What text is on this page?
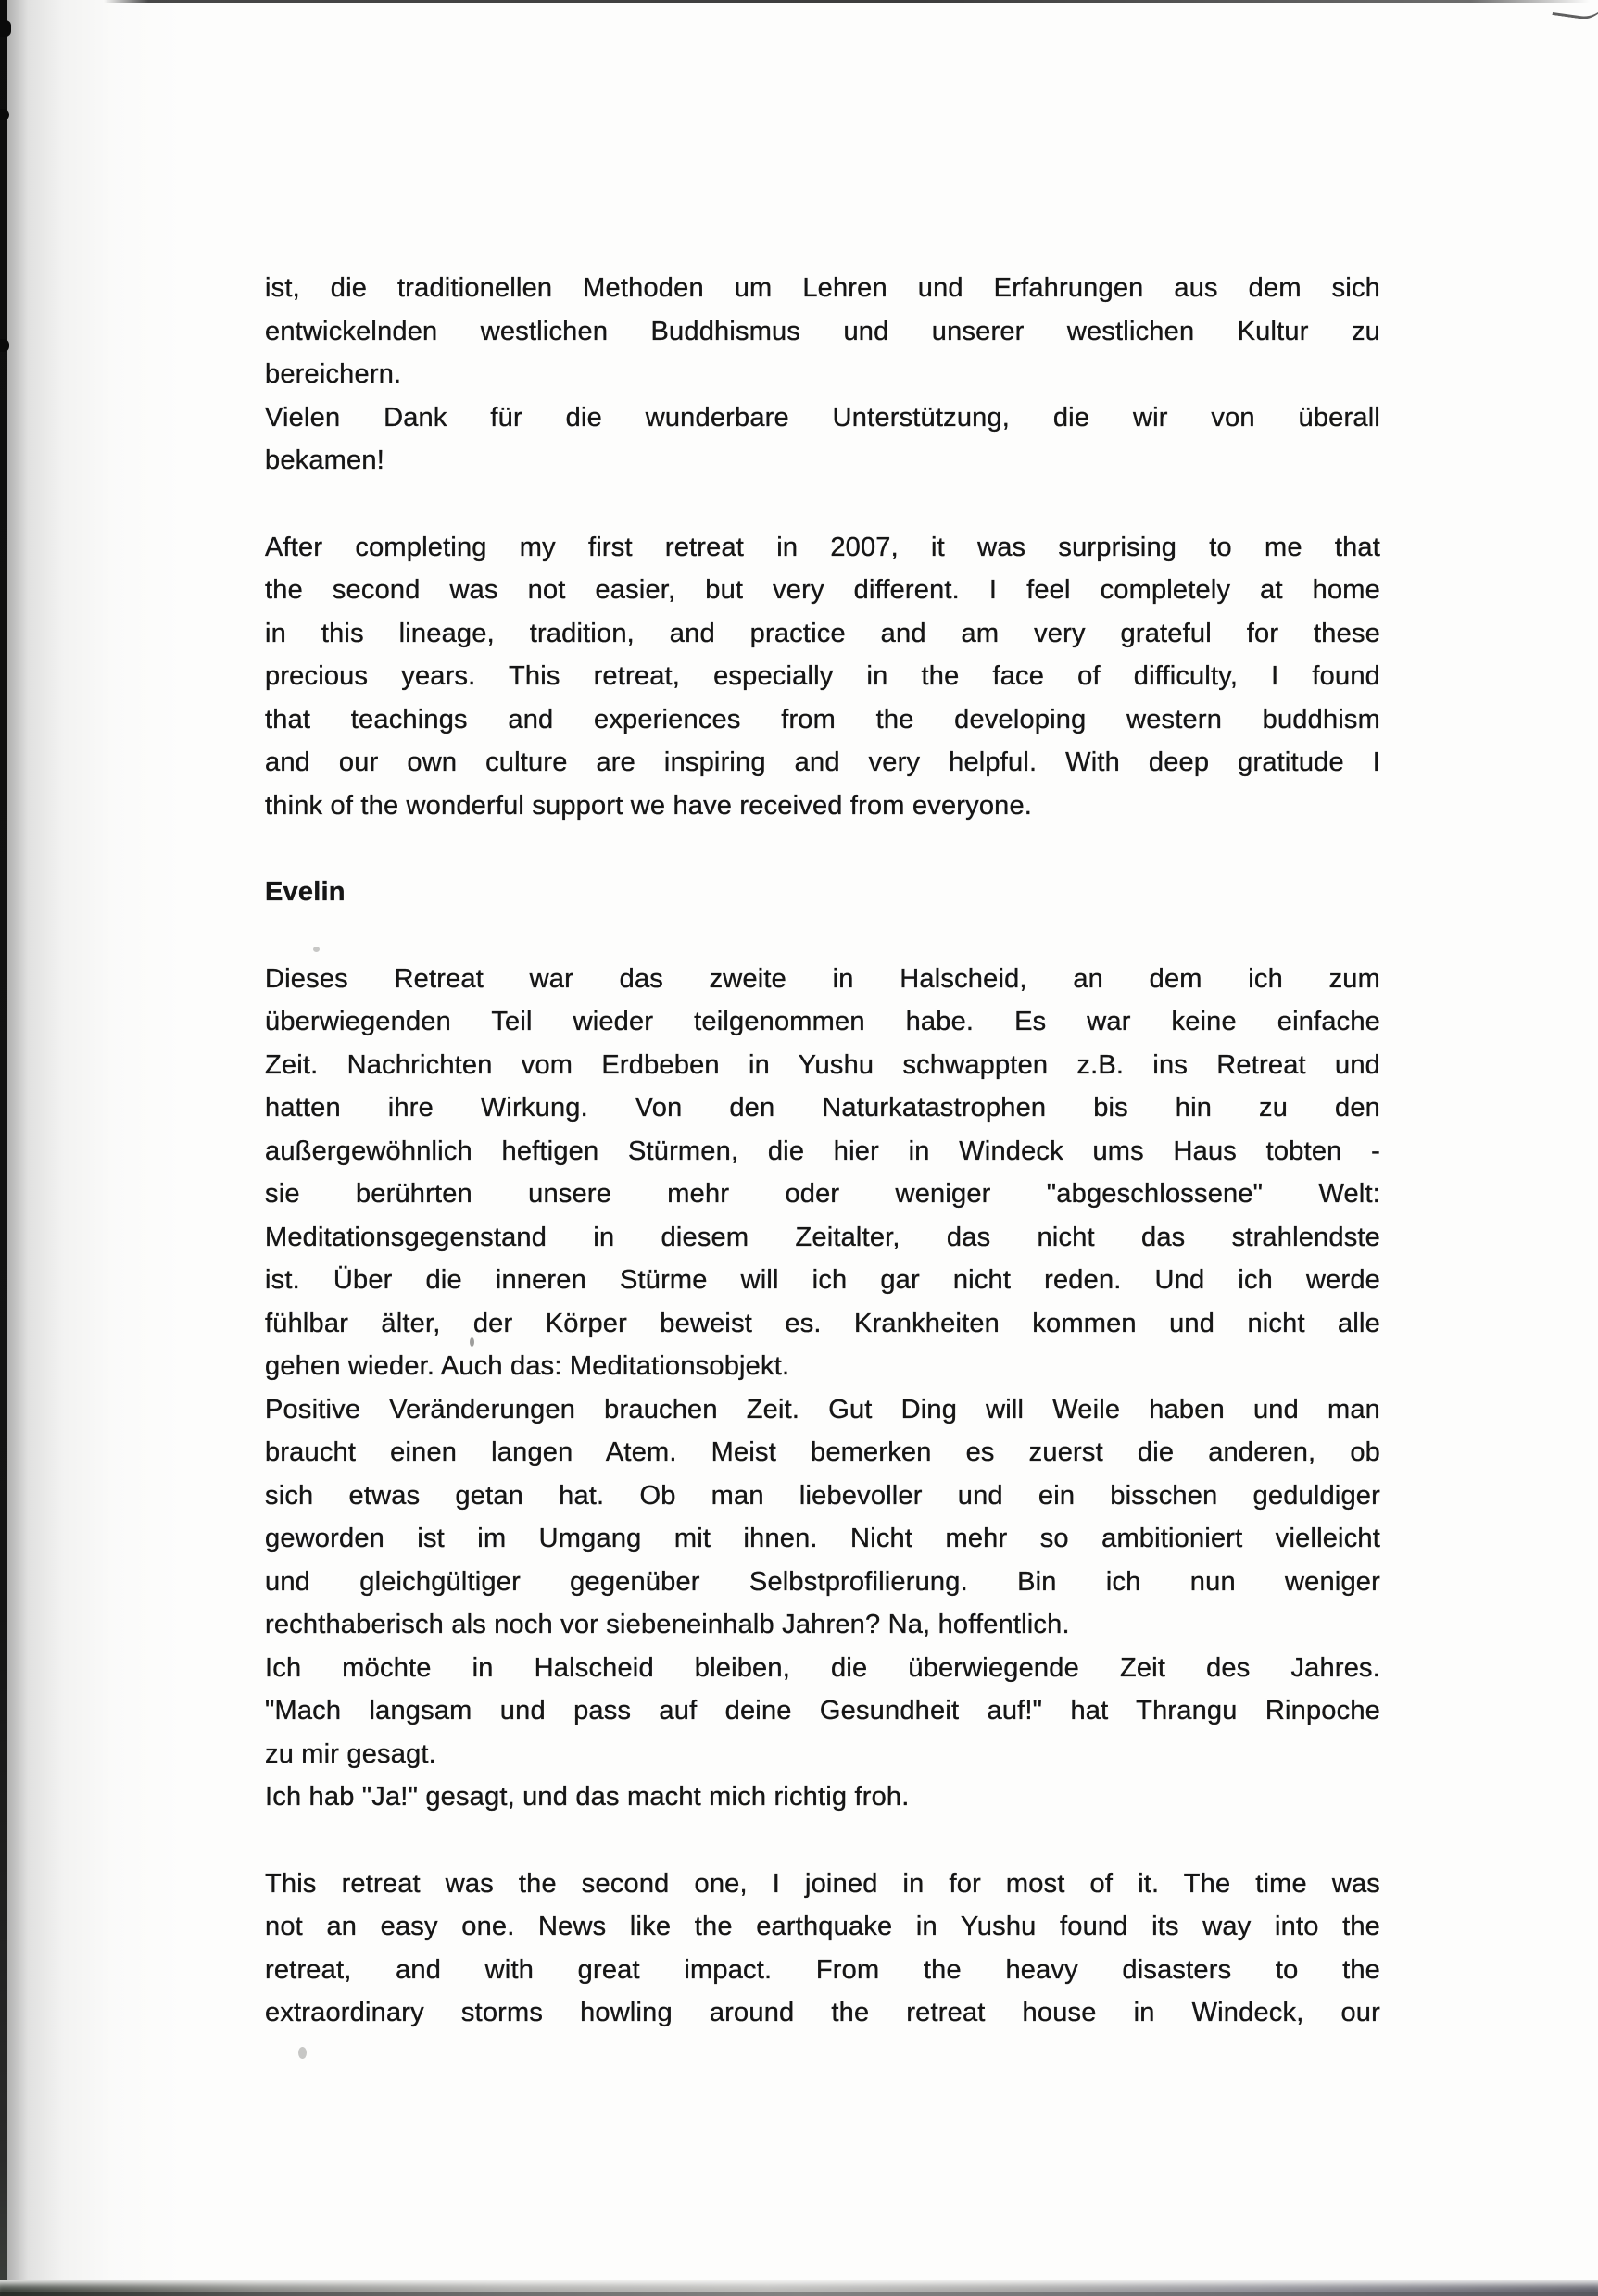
ist, die traditionellen Methoden um Lehren und Erfahrungen aus dem sich
entwickelnden westlichen Buddhismus und unserer westlichen Kultur zu
bereichern.
Vielen Dank für die wunderbare Unterstützung, die wir von überall
bekamen!
After completing my first retreat in 2007, it was surprising to me that
the second was not easier, but very different. I feel completely at home
in this lineage, tradition, and practice and am very grateful for these
precious years. This retreat, especially in the face of difficulty, I found
that teachings and experiences from the developing western buddhism
and our own culture are inspiring and very helpful. With deep gratitude I
think of the wonderful support we have received from everyone.
Evelin
Dieses Retreat war das zweite in Halscheid, an dem ich zum
überwiegenden Teil wieder teilgenommen habe. Es war keine einfache
Zeit. Nachrichten vom Erdbeben in Yushu schwappten z.B. ins Retreat und
hatten ihre Wirkung. Von den Naturkatastrophen bis hin zu den
außergewöhnlich heftigen Stürmen, die hier in Windeck ums Haus tobten -
sie berührten unsere mehr oder weniger "abgeschlossene" Welt:
Meditationsgegenstand in diesem Zeitalter, das nicht das strahlendste
ist. Über die inneren Stürme will ich gar nicht reden. Und ich werde
fühlbar älter, der Körper beweist es. Krankheiten kommen und nicht alle
gehen wieder. Auch das: Meditationsobjekt.
Positive Veränderungen brauchen Zeit. Gut Ding will Weile haben und man
braucht einen langen Atem. Meist bemerken es zuerst die anderen, ob
sich etwas getan hat. Ob man liebevoller und ein bisschen geduldiger
geworden ist im Umgang mit ihnen. Nicht mehr so ambitioniert vielleicht
und gleichgültiger gegenüber Selbstprofilierung. Bin ich nun weniger
rechthaberisch als noch vor siebeneinhalb Jahren? Na, hoffentlich.
Ich möchte in Halscheid bleiben, die überwiegende Zeit des Jahres.
"Mach langsam und pass auf deine Gesundheit auf!" hat Thrangu Rinpoche
zu mir gesagt.
Ich hab "Ja!" gesagt, und das macht mich richtig froh.
This retreat was the second one, I joined in for most of it. The time was
not an easy one. News like the earthquake in Yushu found its way into the
retreat, and with great impact. From the heavy disasters to the
extraordinary storms howling around the retreat house in Windeck, our
